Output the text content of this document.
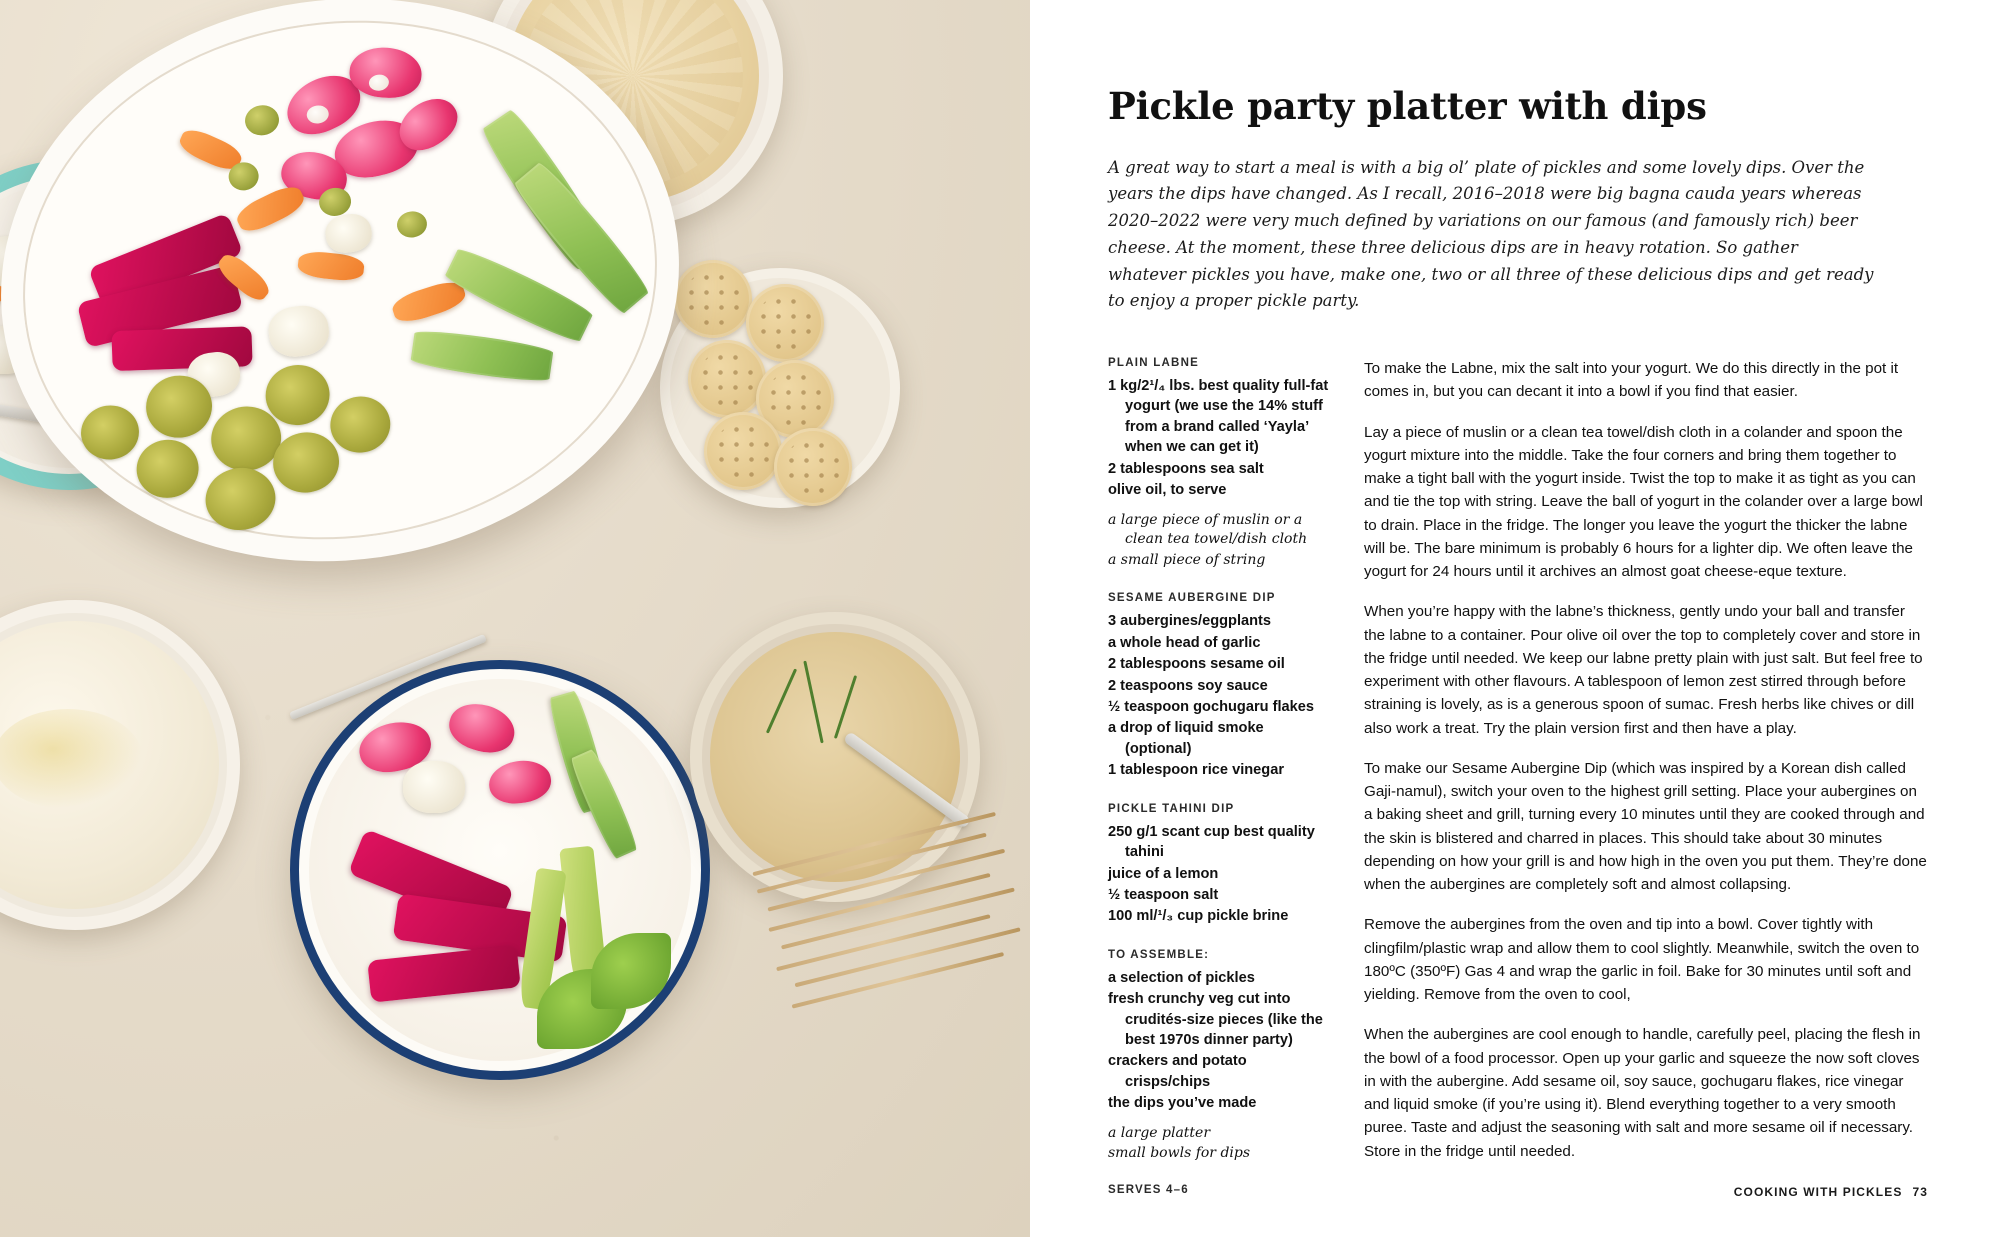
Pickle party platter with dips

A great way to start a meal is with a big ol’ plate of pickles and some lovely dips. Over the years the dips have changed. As I recall, 2016–2018 were big bagna cauda years whereas 2020–2022 were very much defined by variations on our famous (and famously rich) beer cheese. At the moment, these three delicious dips are in heavy rotation. So gather whatever pickles you have, make one, two or all three of these delicious dips and get ready to enjoy a proper pickle party.

PLAIN LABNE
1 kg/2¹/₄ lbs. best quality full-fat yogurt (we use the 14% stuff from a brand called ‘Yayla’ when we can get it)
2 tablespoons sea salt
olive oil, to serve
a large piece of muslin or a clean tea towel/dish cloth
a small piece of string
SESAME AUBERGINE DIP
3 aubergines/eggplants
a whole head of garlic
2 tablespoons sesame oil
2 teaspoons soy sauce
½ teaspoon gochugaru flakes
a drop of liquid smoke (optional)
1 tablespoon rice vinegar
PICKLE TAHINI DIP
250 g/1 scant cup best quality tahini
juice of a lemon
½ teaspoon salt
100 ml/¹/₃ cup pickle brine
TO ASSEMBLE:
a selection of pickles
fresh crunchy veg cut into crudités-size pieces (like the best 1970s dinner party)
crackers and potato crisps/chips
the dips you’ve made
a large platter
small bowls for dips
SERVES 4–6

To make the Labne, mix the salt into your yogurt. We do this directly in the pot it comes in, but you can decant it into a bowl if you find that easier.

Lay a piece of muslin or a clean tea towel/dish cloth in a colander and spoon the yogurt mixture into the middle. Take the four corners and bring them together to make a tight ball with the yogurt inside. Twist the top to make it as tight as you can and tie the top with string. Leave the ball of yogurt in the colander over a large bowl to drain. Place in the fridge. The longer you leave the yogurt the thicker the labne will be. The bare minimum is probably 6 hours for a lighter dip. We often leave the yogurt for 24 hours until it archives an almost goat cheese-eque texture.

When you’re happy with the labne’s thickness, gently undo your ball and transfer the labne to a container. Pour olive oil over the top to completely cover and store in the fridge until needed. We keep our labne pretty plain with just salt. But feel free to experiment with other flavours. A tablespoon of lemon zest stirred through before straining is lovely, as is a generous spoon of sumac. Fresh herbs like chives or dill also work a treat. Try the plain version first and then have a play.

To make our Sesame Aubergine Dip (which was inspired by a Korean dish called Gaji-namul), switch your oven to the highest grill setting. Place your aubergines on a baking sheet and grill, turning every 10 minutes until they are cooked through and the skin is blistered and charred in places. This should take about 30 minutes depending on how your grill is and how high in the oven you put them. They’re done when the aubergines are completely soft and almost collapsing.

Remove the aubergines from the oven and tip into a bowl. Cover tightly with clingfilm/plastic wrap and allow them to cool slightly. Meanwhile, switch the oven to 180ºC (350ºF) Gas 4 and wrap the garlic in foil. Bake for 30 minutes until soft and yielding. Remove from the oven to cool,

When the aubergines are cool enough to handle, carefully peel, placing the flesh in the bowl of a food processor. Open up your garlic and squeeze the now soft cloves in with the aubergine. Add sesame oil, soy sauce, gochugaru flakes, rice vinegar and liquid smoke (if you’re using it). Blend everything together to a very smooth puree. Taste and adjust the seasoning with salt and more sesame oil if necessary. Store in the fridge until needed.

COOKING WITH PICKLES 73
